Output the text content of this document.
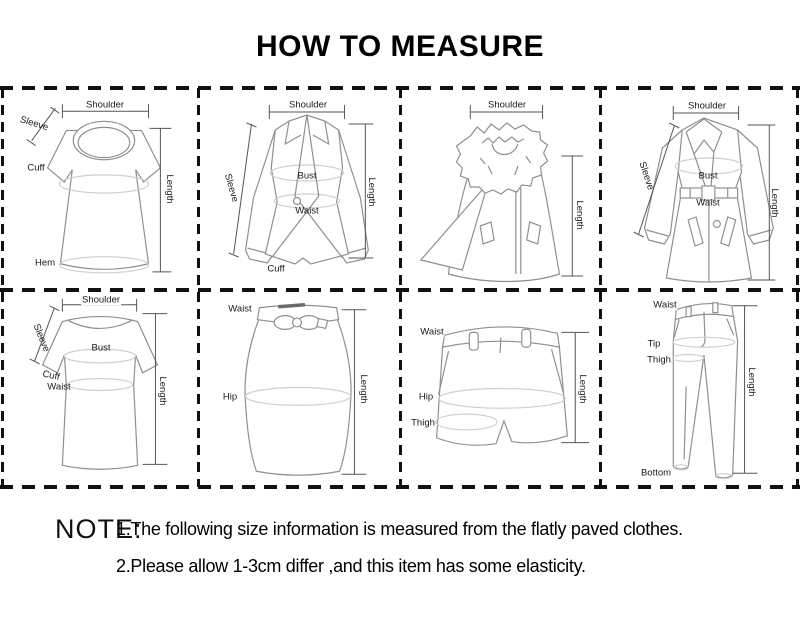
HOW TO MEASURE
Shoulder
Sleeve
Cuff
Hem
Length
Shoulder
Sleeve	Bust
Waist
Cuff
Length
Shoulder
Length
Shoulder
Sleeve	Bust
Waist	Length
Shoulder
Sleeve	Bust
Cuff
Waist	Length
Waist
Hip	Length
Waist
Hip
Thigh
Length
Waist
Tip
Thigh
Bottom
Length
NOTE:
1.The following size information is measured from the flatly paved clothes.
2.Please allow 1-3cm differ ,and this item has some elasticity.
